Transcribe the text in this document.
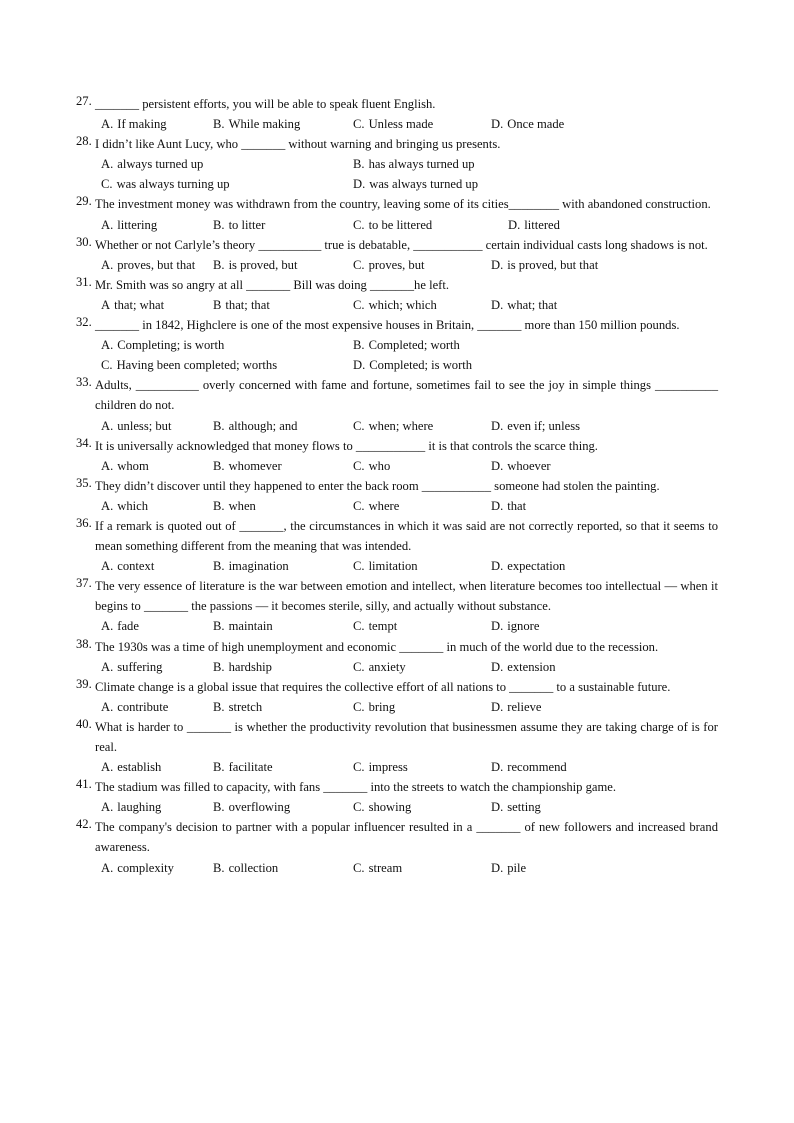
27. _______ persistent efforts, you will be able to speak fluent English.
A. If making	B. While making	C. Unless made	D. Once made
28. I didn’t like Aunt Lucy, who _______ without warning and bringing us presents.
A. always turned up	B. has always turned up
C. was always turning up	D. was always turned up
29. The investment money was withdrawn from the country, leaving some of its cities________ with abandoned construction.
A. littering	B. to litter	C. to be littered	D. littered
30. Whether or not Carlyle’s theory __________ true is debatable, ___________ certain individual casts long shadows is not.
A. proves, but that B. is proved, but	C. proves, but	D. is proved, but that
31. Mr. Smith was so angry at all _______ Bill was doing _______he left.
A that; what	B that; that	C. which; which	D. what; that
32. _______ in 1842, Highclere is one of the most expensive houses in Britain, _______ more than 150 million pounds.
A. Completing; is worth	B. Completed; worth
C. Having been completed; worths	D. Completed; is worth
33. Adults, __________ overly concerned with fame and fortune, sometimes fail to see the joy in simple things __________ children do not.
A. unless; but	B. although; and	C. when; where	D. even if; unless
34. It is universally acknowledged that money flows to ___________ it is that controls the scarce thing.
A. whom	B. whomever	C. who	D. whoever
35. They didn’t discover until they happened to enter the back room ___________ someone had stolen the painting.
A. which	B. when	C. where	D. that
36. If a remark is quoted out of _______, the circumstances in which it was said are not correctly reported, so that it seems to mean something different from the meaning that was intended.
A. context	B. imagination	C. limitation	D. expectation
37. The very essence of literature is the war between emotion and intellect, when literature becomes too intellectual — when it begins to _______ the passions — it becomes sterile, silly, and actually without substance.
A. fade	B. maintain	C. tempt	D. ignore
38. The 1930s was a time of high unemployment and economic _______ in much of the world due to the recession.
A. suffering	B. hardship	C. anxiety	D. extension
39. Climate change is a global issue that requires the collective effort of all nations to _______ to a sustainable future.
A. contribute	B. stretch	C. bring	D. relieve
40. What is harder to _______ is whether the productivity revolution that businessmen assume they are taking charge of is for real.
A. establish	B. facilitate	C. impress	D. recommend
41. The stadium was filled to capacity, with fans _______ into the streets to watch the championship game.
A. laughing	B. overflowing	C. showing	D. setting
42. The company's decision to partner with a popular influencer resulted in a _______ of new followers and increased brand awareness.
A. complexity	B. collection	C. stream	D. pile
